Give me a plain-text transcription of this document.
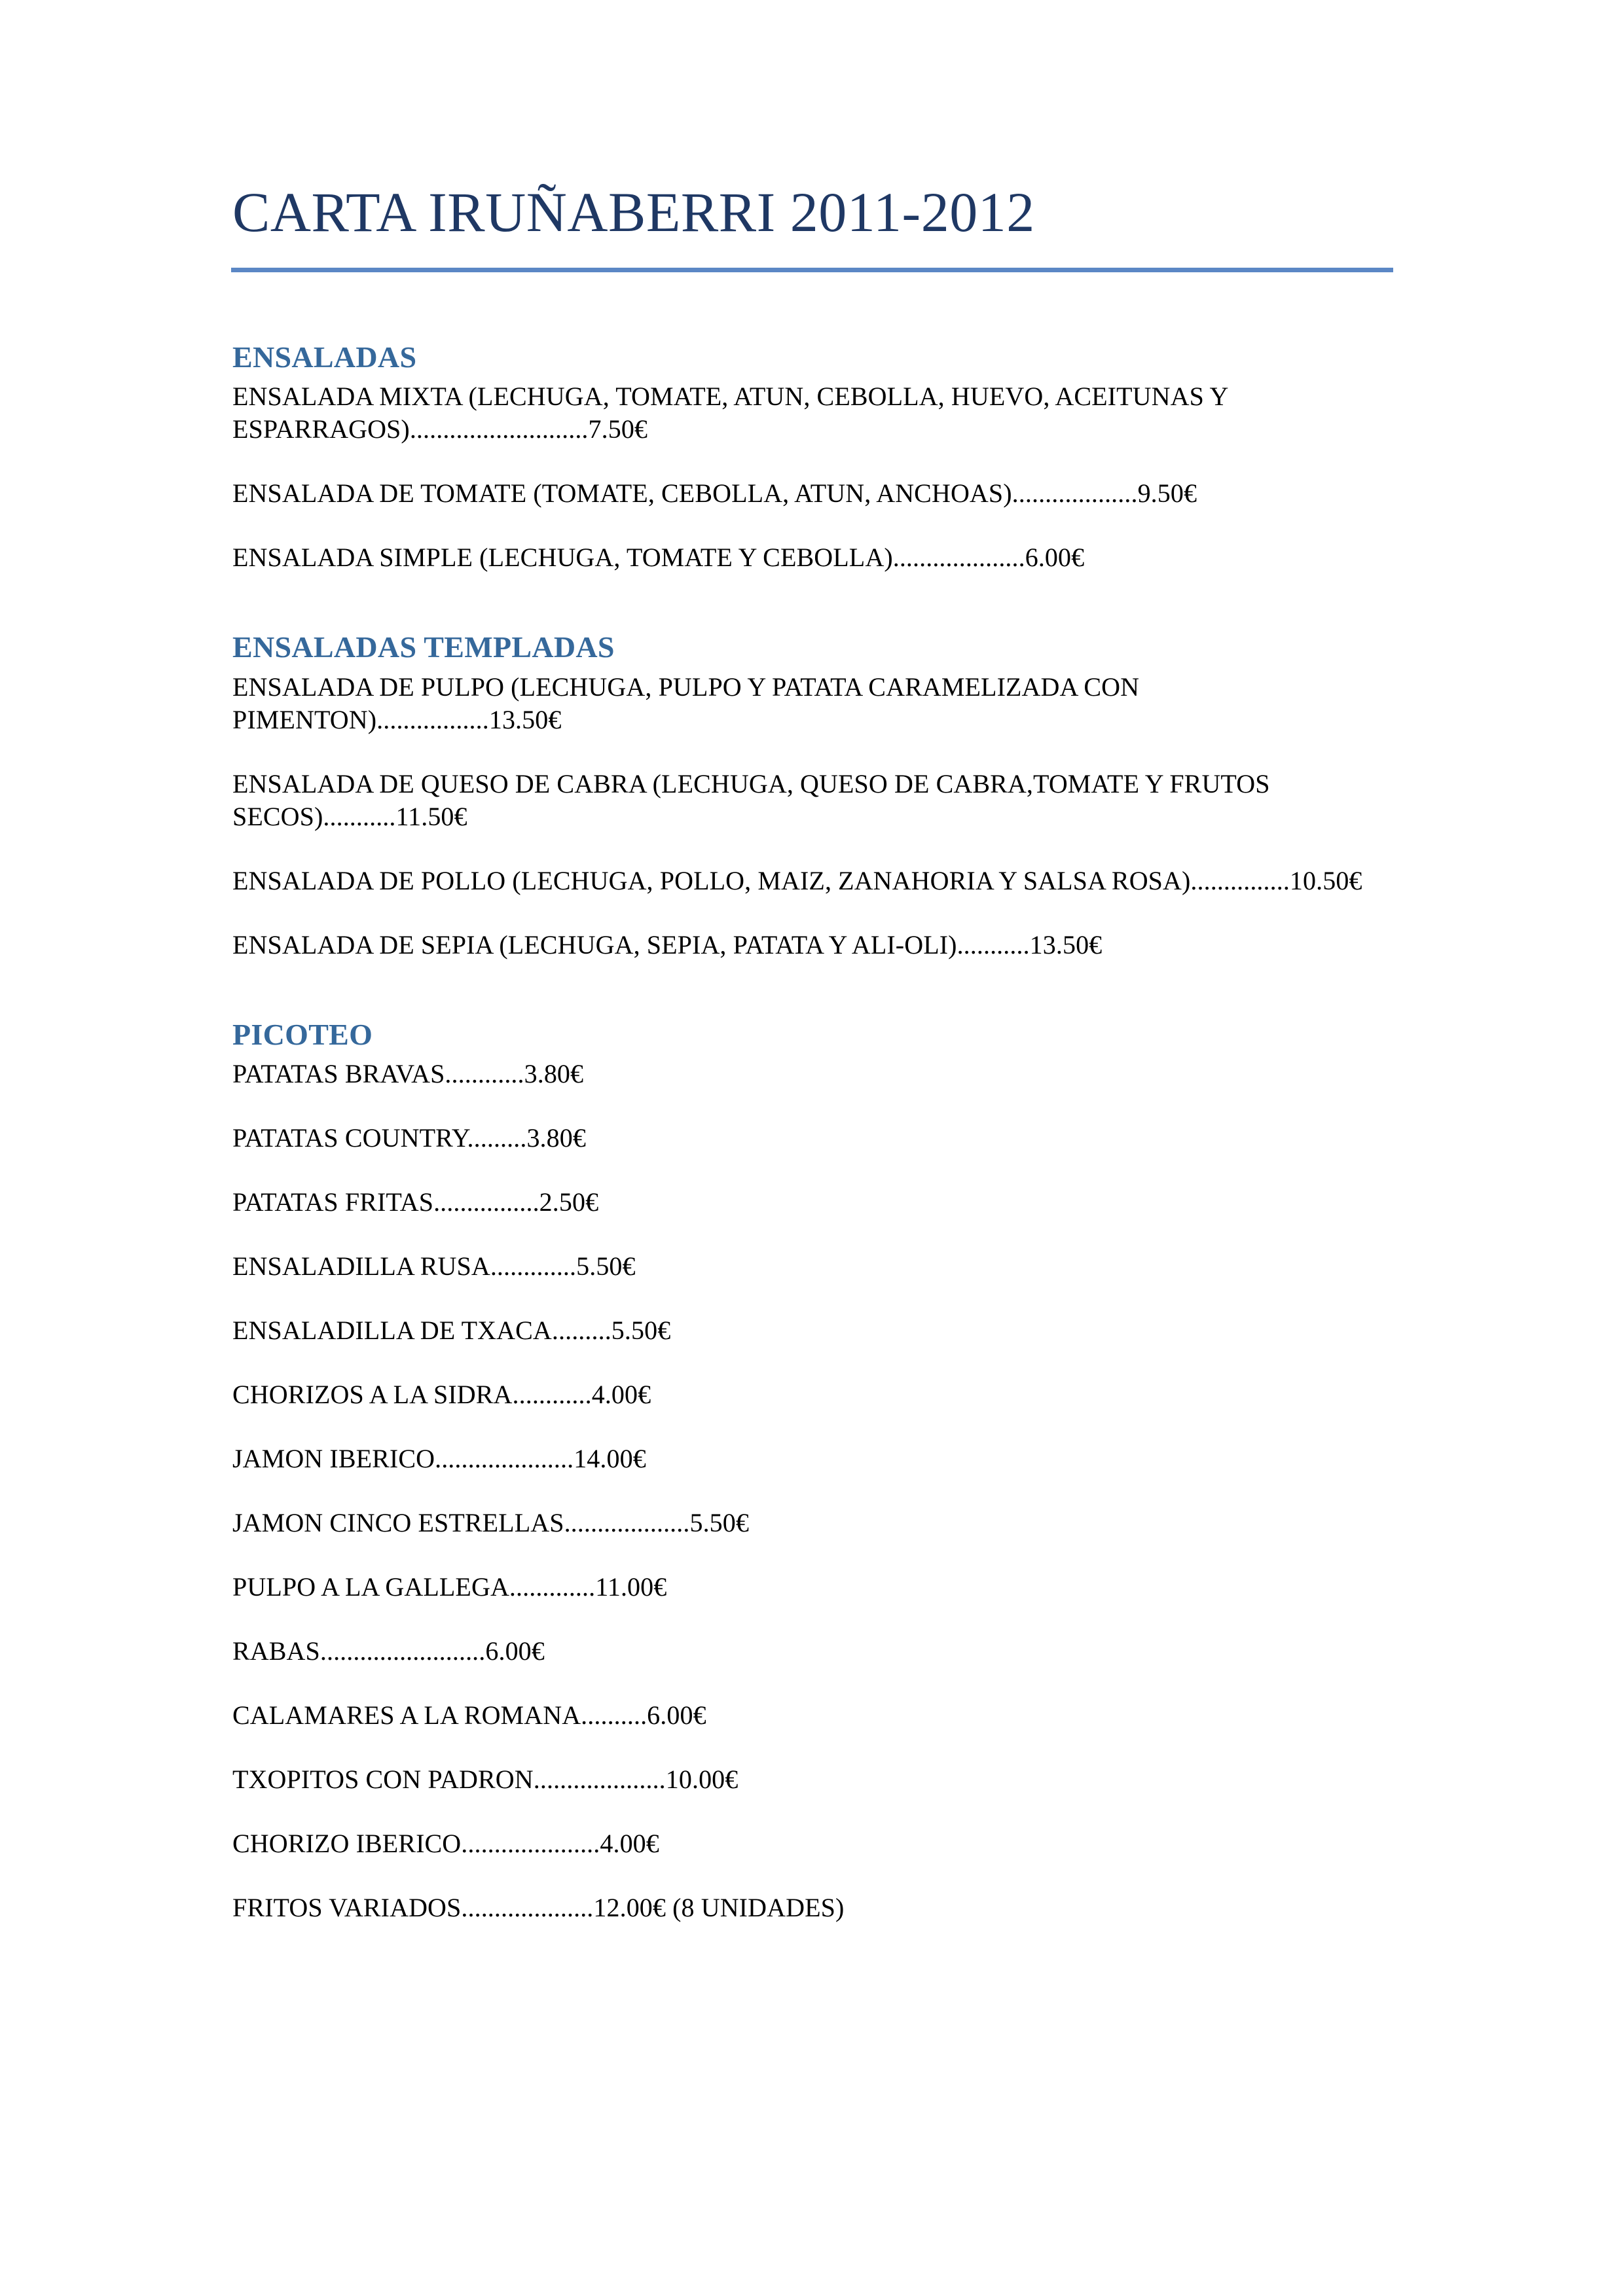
CARTA IRUÑABERRI 2011-2012
ENSALADAS

ENSALADA MIXTA (LECHUGA, TOMATE, ATUN, CEBOLLA, HUEVO, ACEITUNAS Y ESPARRAGOS)...........................7.50€

ENSALADA DE TOMATE (TOMATE, CEBOLLA, ATUN, ANCHOAS)...................9.50€

ENSALADA SIMPLE (LECHUGA, TOMATE Y CEBOLLA)....................6.00€

ENSALADAS TEMPLADAS

ENSALADA DE PULPO (LECHUGA, PULPO Y PATATA CARAMELIZADA CON PIMENTON).................13.50€

ENSALADA DE QUESO DE CABRA (LECHUGA, QUESO DE CABRA,TOMATE Y FRUTOS SECOS)...........11.50€

ENSALADA DE POLLO (LECHUGA, POLLO, MAIZ, ZANAHORIA Y SALSA ROSA)...............10.50€

ENSALADA DE SEPIA (LECHUGA, SEPIA, PATATA Y ALI-OLI)...........13.50€

PICOTEO

PATATAS BRAVAS............3.80€

PATATAS COUNTRY.........3.80€

PATATAS FRITAS................2.50€

ENSALADILLA RUSA.............5.50€

ENSALADILLA DE TXACA.........5.50€

CHORIZOS A LA SIDRA............4.00€

JAMON IBERICO.....................14.00€

JAMON CINCO ESTRELLAS...................5.50€

PULPO A LA GALLEGA.............11.00€

RABAS.........................6.00€

CALAMARES A LA ROMANA..........6.00€

TXOPITOS CON PADRON....................10.00€

CHORIZO IBERICO.....................4.00€

FRITOS VARIADOS....................12.00€ (8 UNIDADES)
